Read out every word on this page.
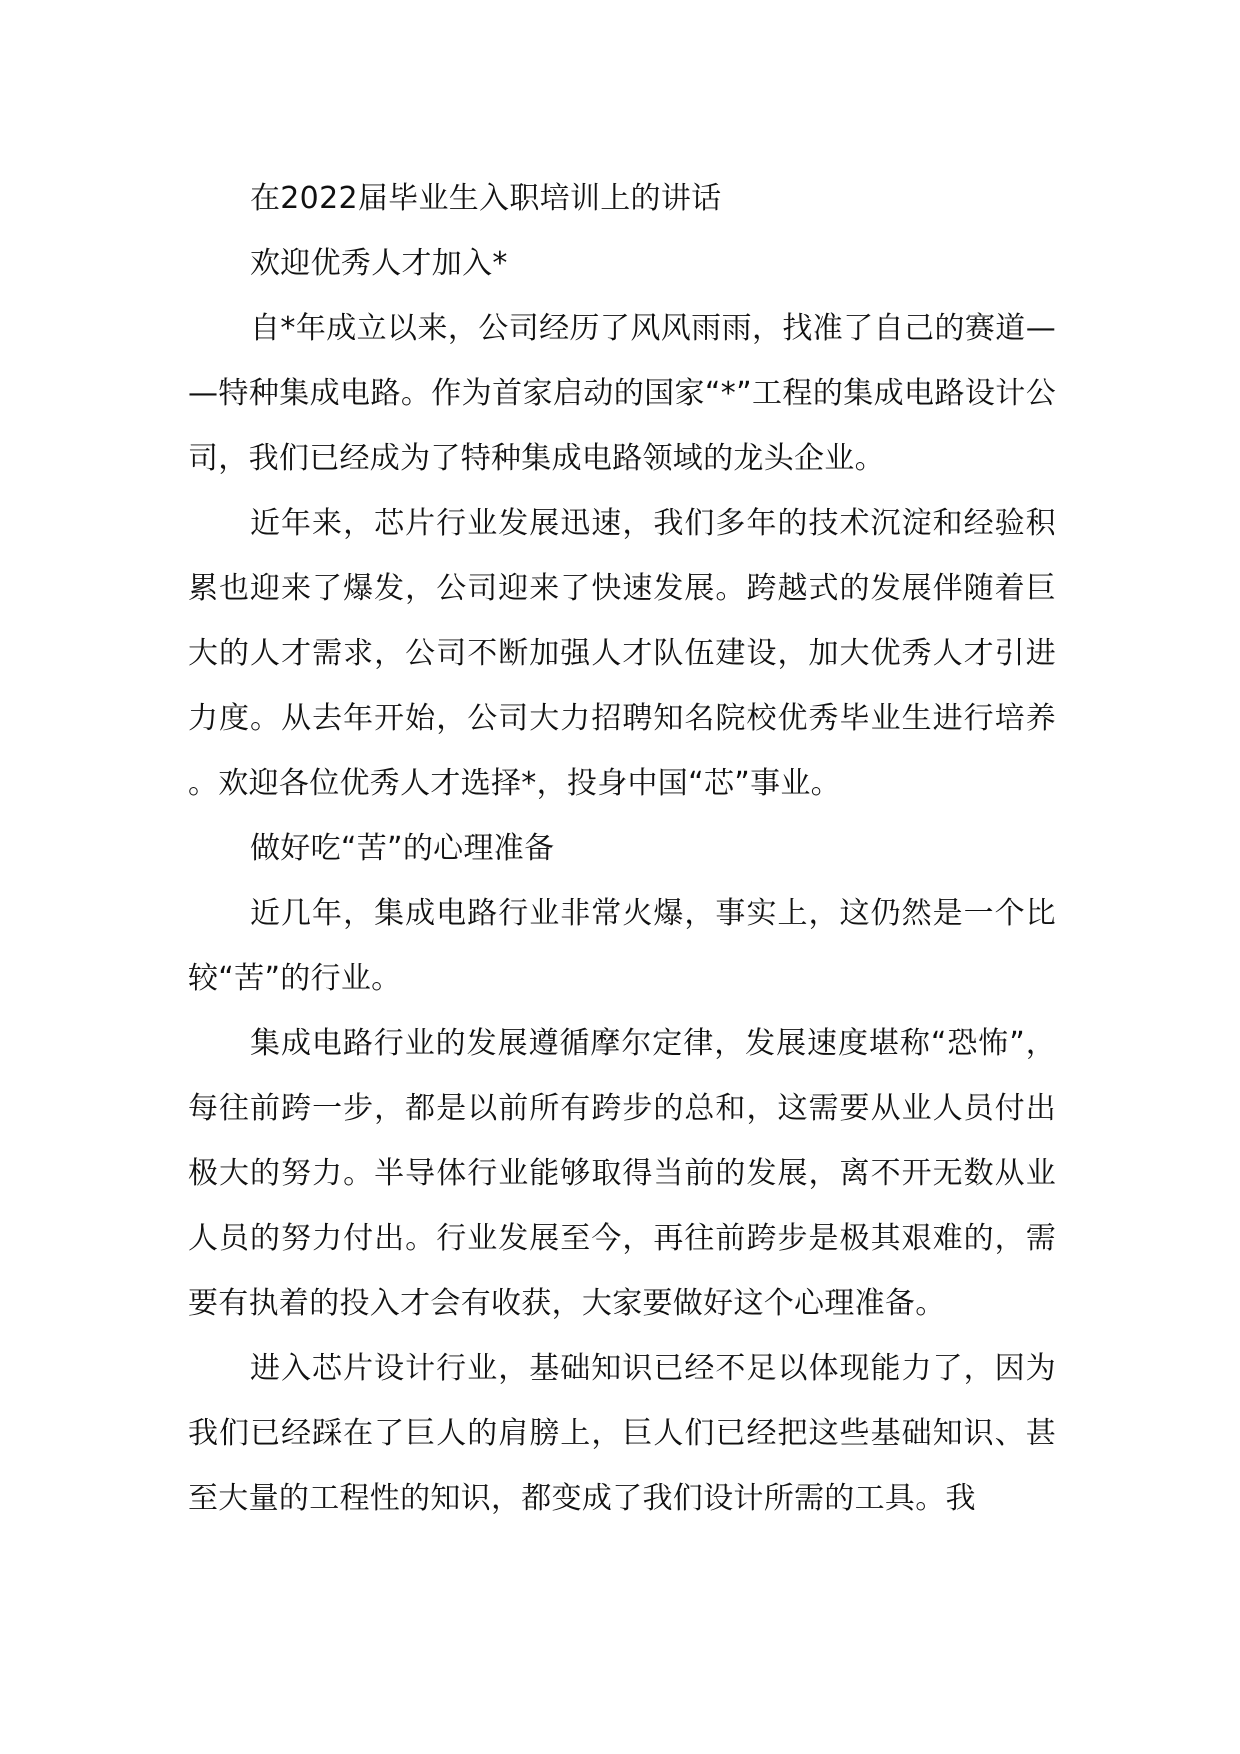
在2022届毕业生入职培训上的讲话

欢迎优秀人才加入*

自*年成立以来，公司经历了风风雨雨，找准了自己的赛道——特种集成电路。作为首家启动的国家“*”工程的集成电路设计公司，我们已经成为了特种集成电路领域的龙头企业。

近年来，芯片行业发展迅速，我们多年的技术沉淀和经验积累也迎来了爆发，公司迎来了快速发展。跨越式的发展伴随着巨大的人才需求，公司不断加强人才队伍建设，加大优秀人才引进力度。从去年开始，公司大力招聘知名院校优秀毕业生进行培养。欢迎各位优秀人才选择*，投身中国“芯”事业。

做好吃“苦”的心理准备

近几年，集成电路行业非常火爆，事实上，这仍然是一个比较“苦”的行业。

集成电路行业的发展遵循摩尔定律，发展速度堪称“恐怖”，每往前跨一步，都是以前所有跨步的总和，这需要从业人员付出极大的努力。半导体行业能够取得当前的发展，离不开无数从业人员的努力付出。行业发展至今，再往前跨步是极其艰难的，需要有执着的投入才会有收获，大家要做好这个心理准备。

进入芯片设计行业，基础知识已经不足以体现能力了，因为我们已经踩在了巨人的肩膀上，巨人们已经把这些基础知识、甚至大量的工程性的知识，都变成了我们设计所需的工具。我
